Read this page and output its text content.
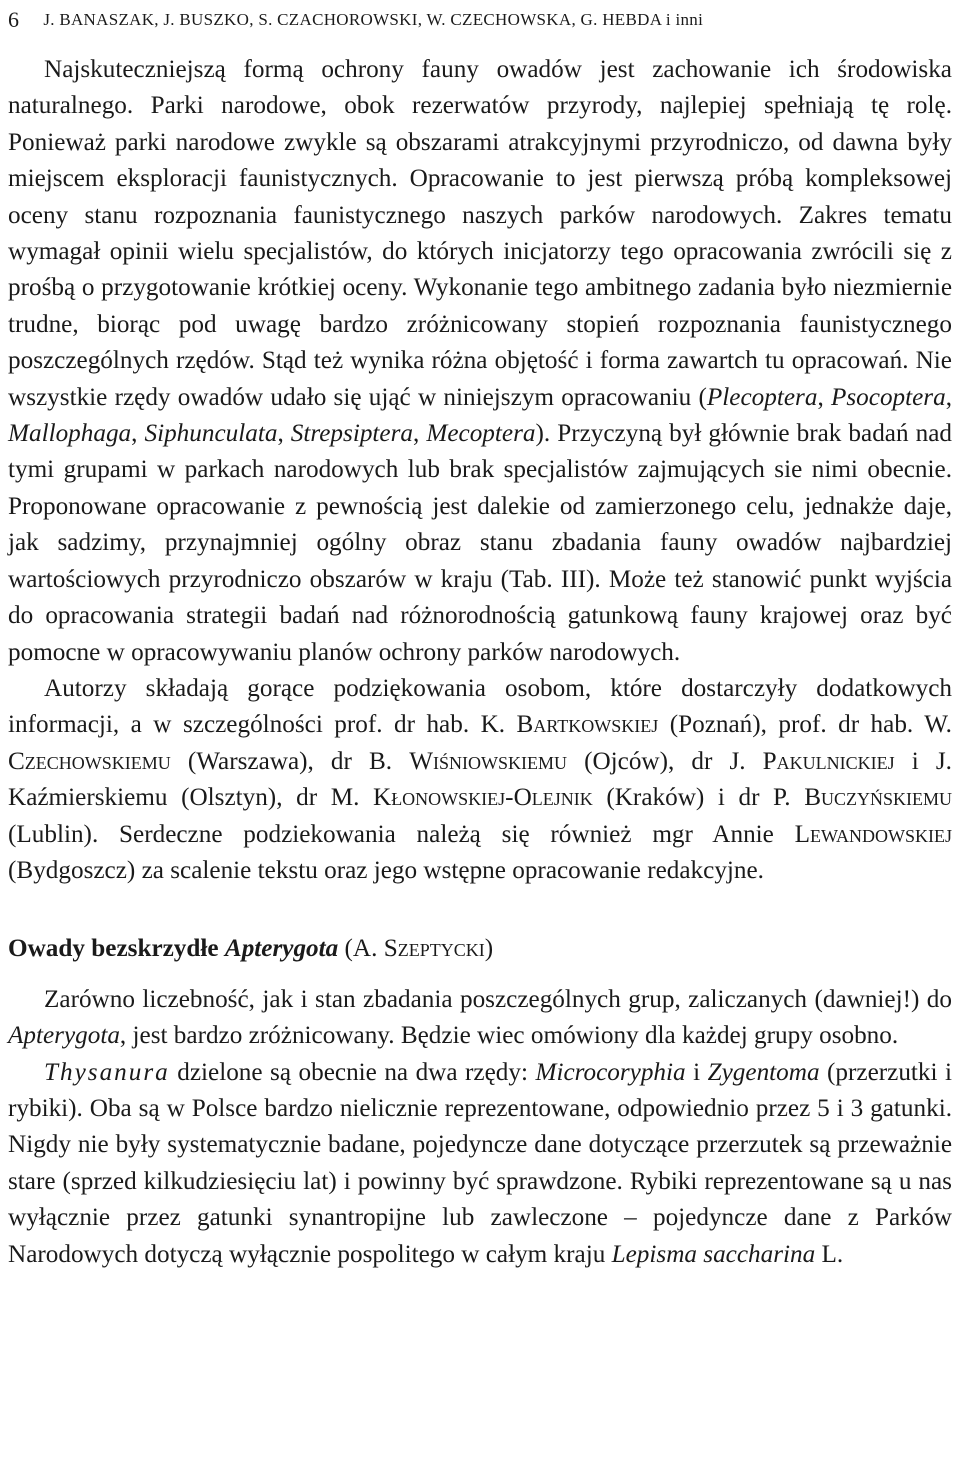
6 J. BANASZAK, J. BUSZKO, S. CZACHOROWSKI, W. CZECHOWSKA, G. HEBDA i inni

Najskuteczniejszą formą ochrony fauny owadów jest zachowanie ich środowiska naturalnego. Parki narodowe, obok rezerwatów przyrody, najlepiej spełniają tę rolę. Ponieważ parki narodowe zwykle są obszarami atrakcyjnymi przyrodniczo, od dawna były miejscem eksploracji faunistycznych. Opracowanie to jest pierwszą próbą kompleksowej oceny stanu rozpoznania faunistycznego naszych parków narodowych. Zakres tematu wymagał opinii wielu specjalistów, do których inicjatorzy tego opracowania zwrócili się z prośbą o przygotowanie krótkiej oceny. Wykonanie tego ambitnego zadania było niezmiernie trudne, biorąc pod uwagę bardzo zróżnicowany stopień rozpoznania faunistycznego poszczególnych rzędów. Stąd też wynika różna objętość i forma zawartch tu opracowań. Nie wszystkie rzędy owadów udało się ująć w niniejszym opracowaniu (Plecoptera, Psocoptera, Mallophaga, Siphunculata, Strepsiptera, Mecoptera). Przyczyną był głównie brak badań nad tymi grupami w parkach narodowych lub brak specjalistów zajmujących sie nimi obecnie. Proponowane opracowanie z pewnością jest dalekie od zamierzonego celu, jednakże daje, jak sadzimy, przynajmniej ogólny obraz stanu zbadania fauny owadów najbardziej wartościowych przyrodniczo obszarów w kraju (Tab. III). Może też stanowić punkt wyjścia do opracowania strategii badań nad różnorodnością gatunkową fauny krajowej oraz być pomocne w opracowywaniu planów ochrony parków narodowych.

Autorzy składają gorące podziękowania osobom, które dostarczyły dodatkowych informacji, a w szczególności prof. dr hab. K. Bartkowskiej (Poznań), prof. dr hab. W. Czechowskiemu (Warszawa), dr B. Wiśniowskiemu (Ojców), dr J. Pakulnickiej i J. Kaźmierskiemu (Olsztyn), dr M. Kłonowskiej-Olejnik (Kraków) i dr P. Buczyńskiemu (Lublin). Serdeczne podziekowania należą się również mgr Annie Lewandowskiej (Bydgoszcz) za scalenie tekstu oraz jego wstępne opracowanie redakcyjne.

Owady bezskrzydłe Apterygota (A. Szeptycki)

Zarówno liczebność, jak i stan zbadania poszczególnych grup, zaliczanych (dawniej!) do Apterygota, jest bardzo zróżnicowany. Będzie wiec omówiony dla każdej grupy osobno.

Thysanura dzielone są obecnie na dwa rzędy: Microcoryphia i Zygentoma (przerzutki i rybiki). Oba są w Polsce bardzo nielicznie reprezentowane, odpowiednio przez 5 i 3 gatunki. Nigdy nie były systematycznie badane, pojedyncze dane dotyczące przerzutek są przeważnie stare (sprzed kilkudziesięciu lat) i powinny być sprawdzone. Rybiki reprezentowane są u nas wyłącznie przez gatunki synantropijne lub zawleczone – pojedyncze dane z Parków Narodowych dotyczą wyłącznie pospolitego w całym kraju Lepisma saccharina L.
